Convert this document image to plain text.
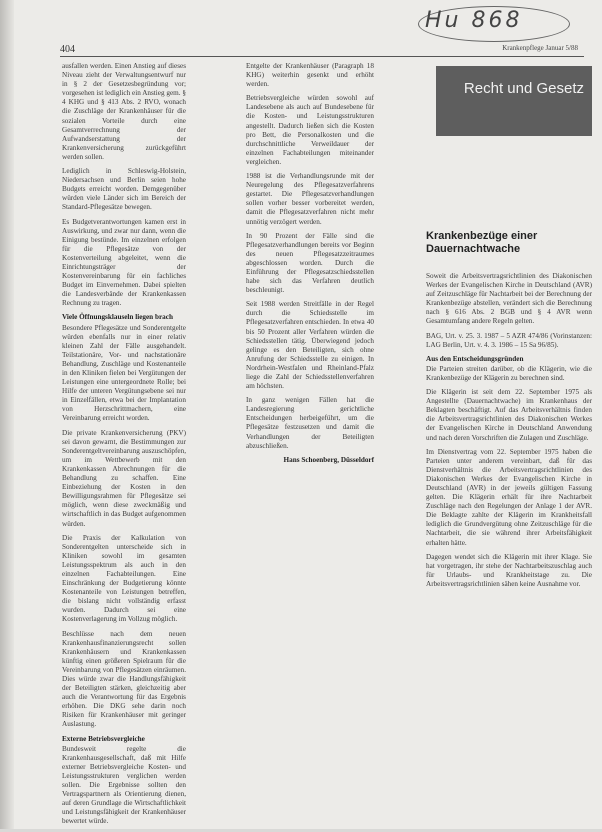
Hu 868
404	Krankenpflege Januar 5/88

ausfallen werden. Einen Anstieg auf dieses Niveau zieht der Verwaltungsentwurf nur in § 2 der Gesetzesbegründung vor; vorgesehen ist lediglich ein Anstieg gem. § 4 KHG und § 413 Abs. 2 RVO, wonach die Zuschläge der Krankenhäuser für die sozialen Vorteile durch eine Gesamtverrechnung der Aufwandserstattung der Krankenversicherung zurückgeführt werden sollen.

Lediglich in Schleswig-Holstein, Niedersachsen und Berlin seien hohe Budgets erreicht worden. Demgegenüber würden viele Länder sich im Bereich der Standard-Pflegesätze bewegen.

Es Budgetverantwortungen kamen erst in Auswirkung, und zwar nur dann, wenn die Einigung bestünde. Im einzelnen erfolgen für die Pflegesätze von der Kostenverteilung abgeleitet, wenn die Einrichtungsträger der Kostenvereinbarung für ein fachliches Budget im Einvernehmen. Dabei spielten die Landesverbände der Krankenkassen Rechnung zu tragen.

Viele Öffnungsklauseln liegen brach

Besondere Pflegesätze und Sonderentgelte würden ebenfalls nur in einer relativ kleinen Zahl der Fälle ausgehandelt. Teilstationäre, Vor- und nachstationäre Behandlung, Zuschläge und Kostenanteile in den Kliniken fielen bei Vergütungen der Leistungen eine untergeordnete Rolle; bei Hilfe der unteren Vergütungsebene sei nur in Einzelfällen, etwa bei der Implantation von Herzschrittmachern, eine Vereinbarung erreicht worden.

Die private Krankenversicherung (PKV) sei davon gewarnt, die Bestimmungen zur Sonderentgeltvereinbarung auszuschöpfen, um im Wettbewerb mit den Krankenkassen Abrechnungen für die Behandlung zu schaffen. Eine Einbeziehung der Kosten in den Bewilligungsrahmen für Pflegesätze sei möglich, wenn diese zweckmäßig und wirtschaftlich in das Budget aufgenommen würden.

Die Praxis der Kalkulation von Sonderentgelten unterscheide sich in Kliniken sowohl im gesamten Leistungsspektrum als auch in den einzelnen Fachabteilungen. Eine Einschränkung der Budgetierung könnte Kostenanteile von Leistungen betreffen, die bislang nicht vollständig erfasst wurden. Dadurch sei eine Kostenverlagerung im Vollzug möglich.

Beschlüsse nach dem neuen Krankenhausfinanzierungsrecht sollen Krankenhäusern und Krankenkassen künftig einen größeren Spielraum für die Vereinbarung von Pflegesätzen einräumen. Dies würde zwar die Handlungsfähigkeit der Beteiligten stärken, gleichzeitig aber auch die Verantwortung für das Ergebnis erhöhen. Die DKG sehe darin noch Risiken für Krankenhäuser mit geringer Auslastung.

Externe Betriebsvergleiche

Bundesweit regelte die Krankenhausgesellschaft, daß mit Hilfe externer Betriebsvergleiche Kosten- und Leistungsstrukturen verglichen werden sollen. Die Ergebnisse sollten den Vertragspartnern als Orientierung dienen, auf deren Grundlage die Wirtschaftlichkeit und Leistungsfähigkeit der Krankenhäuser bewertet würde.

Entgelte der Krankenhäuser (Paragraph 18 KHG) weiterhin gesenkt und erhöht werden.

Betriebsvergleiche würden sowohl auf Landesebene als auch auf Bundesebene für die Kosten- und Leistungsstrukturen angestellt. Dadurch ließen sich die Kosten pro Bett, die Personalkosten und die durchschnittliche Verweildauer der einzelnen Fachabteilungen miteinander vergleichen.

1988 ist die Verhandlungsrunde mit der Neuregelung des Pflegesatzverfahrens gestartet. Die Pflegesatzverhandlungen sollen vorher besser vorbereitet werden, damit die Pflegesatzverfahren nicht mehr unnötig verzögert werden.

In 90 Prozent der Fälle sind die Pflegesatzverhandlungen bereits vor Beginn des neuen Pflegesatzzeitraumes abgeschlossen worden. Durch die Einführung der Pflegesatzschiedsstellen habe sich das Verfahren deutlich beschleunigt.

Seit 1988 werden Streitfälle in der Regel durch die Schiedsstelle im Pflegesatzverfahren entschieden. In etwa 40 bis 50 Prozent aller Verfahren würden die Schiedsstellen tätig. Überwiegend jedoch gelinge es den Beteiligten, sich ohne Anrufung der Schiedsstelle zu einigen. In Nordrhein-Westfalen und Rheinland-Pfalz liege die Zahl der Schiedsstellenverfahren am höchsten.

In ganz wenigen Fällen hat die Landesregierung gerichtliche Entscheidungen herbeigeführt, um die Pflegesätze festzusetzen und damit die Verhandlungen der Beteiligten abzuschließen.

Hans Schoenberg, Düsseldorf
Recht und Gesetz
Krankenbezüge einer Dauernachtwache

Soweit die Arbeitsvertragsrichtlinien des Diakonischen Werkes der Evangelischen Kirche in Deutschland (AVR) auf Zeitzuschläge für Nachtarbeit bei der Berechnung der Krankenbezüge abstellen, verändert sich die Berechnung nach § 616 Abs. 2 BGB und § 4 AVR wenn Gesamtumfang andere Regeln gelten.

BAG, Urt. v. 25. 3. 1987 – 5 AZR 474/86 (Vorinstanzen: LAG Berlin, Urt. v. 4. 3. 1986 – 15 Sa 96/85).

Aus den Entscheidungsgründen

Die Parteien streiten darüber, ob die Klägerin, wie die Krankenbezüge der Klägerin zu berechnen sind.

Die Klägerin ist seit dem 22. September 1975 als Angestellte (Dauernachtwache) im Krankenhaus der Beklagten beschäftigt. Auf das Arbeitsverhältnis finden die Arbeitsvertragsrichtlinien des Diakonischen Werkes der Evangelischen Kirche in Deutschland Anwendung und nach deren Vorschriften die Zulagen und Zuschläge.

Im Dienstvertrag vom 22. September 1975 haben die Parteien unter anderem vereinbart, daß für das Dienstverhältnis die Arbeitsvertragsrichtlinien des Diakonischen Werkes der Evangelischen Kirche in Deutschland (AVR) in der jeweils gültigen Fassung gelten. Die Klägerin erhält für ihre Nachtarbeit Zuschläge nach den Regelungen der Anlage 1 der AVR. Die Beklagte zahlte der Klägerin im Krankheitsfall lediglich die Grundvergütung ohne Zeitzuschläge für die Nachtarbeit, die sie während ihrer Arbeitsfähigkeit erhalten hätte.

Dagegen wendet sich die Klägerin mit ihrer Klage. Sie hat vorgetragen, ihr stehe der Nachtarbeitszuschlag auch für Urlaubs- und Krankheitstage zu. Die Arbeitsvertragsrichtlinien sähen keine Ausnahme vor.
